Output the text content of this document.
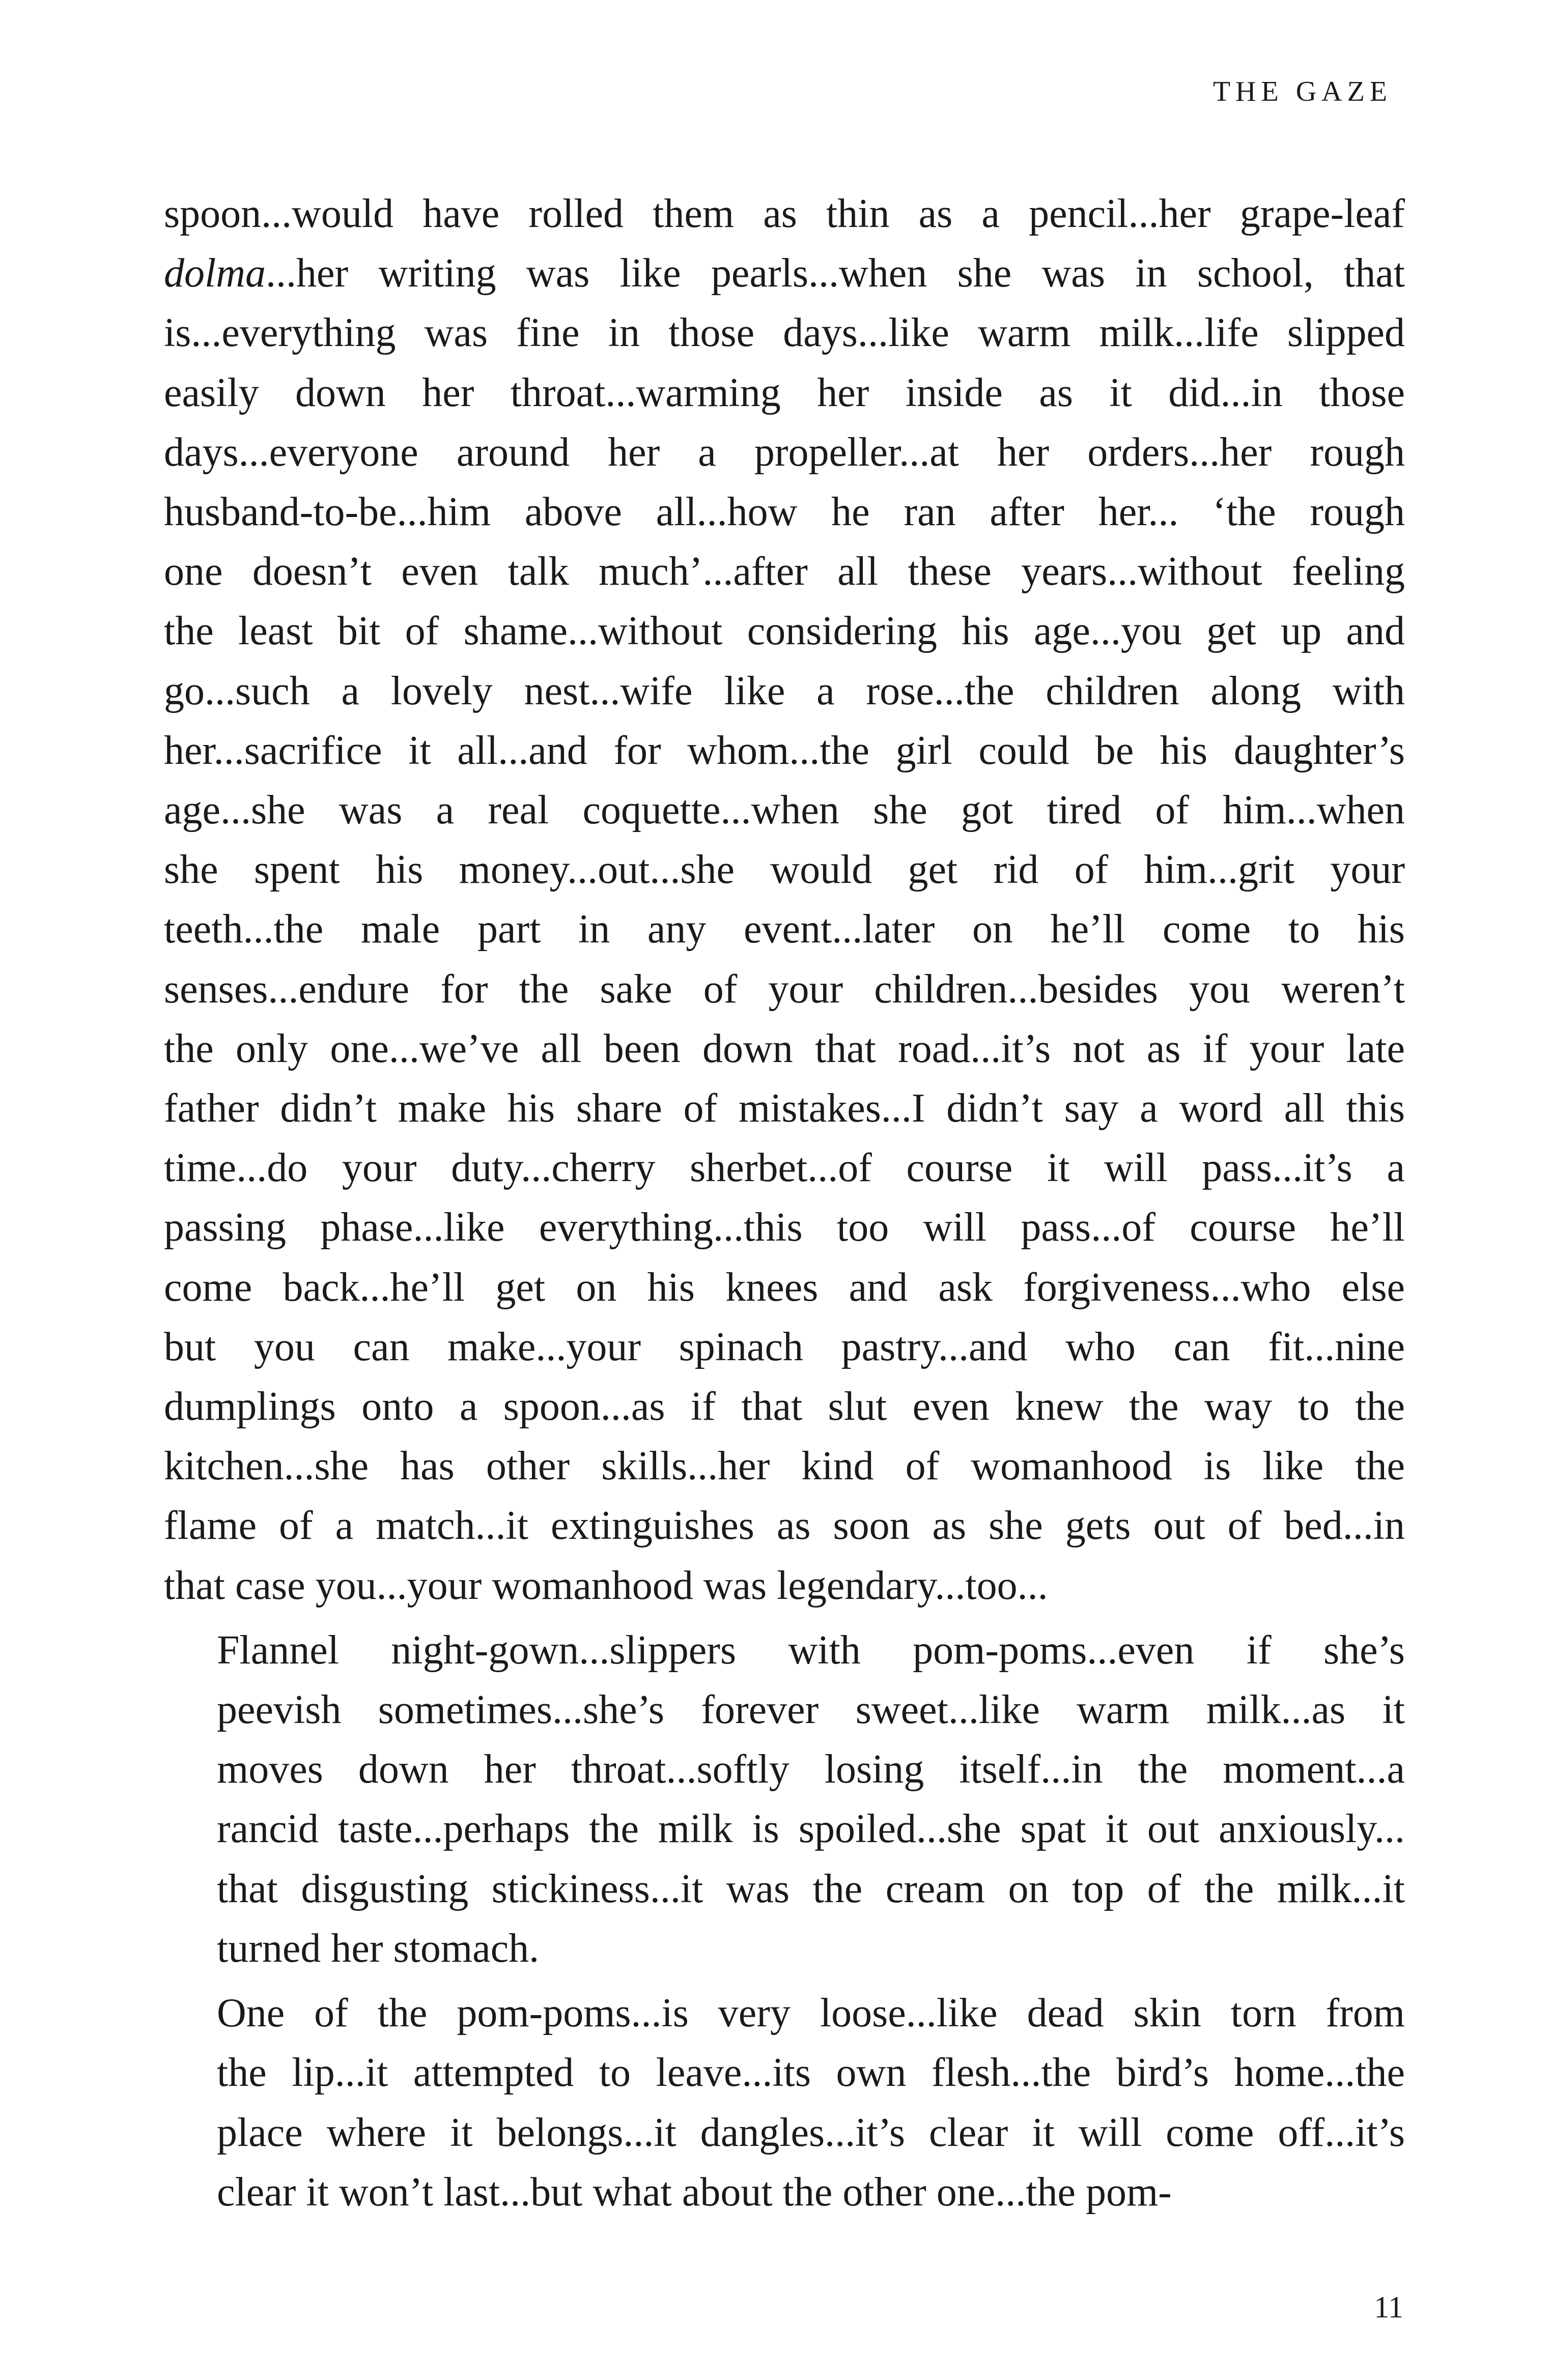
THE GAZE

spoon...would have rolled them as thin as a pencil...her grape-leaf
dolma...her writing was like pearls...when she was in school, that
is...everything was fine in those days...like warm milk...life slipped
easily down her throat...warming her inside as it did...in those
days...everyone around her a propeller...at her orders...her rough
husband-to-be...him above all...how he ran after her... ‘the rough
one doesn’t even talk much’...after all these years...without feeling
the least bit of shame...without considering his age...you get up and
go...such a lovely nest...wife like a rose...the children along with
her...sacrifice it all...and for whom...the girl could be his daughter’s
age...she was a real coquette...when she got tired of him...when
she spent his money...out...she would get rid of him...grit your
teeth...the male part in any event...later on he’ll come to his
senses...endure for the sake of your children...besides you weren’t
the only one...we’ve all been down that road...it’s not as if your late
father didn’t make his share of mistakes...I didn’t say a word all this
time...do your duty...cherry sherbet...of course it will pass...it’s a
passing phase...like everything...this too will pass...of course he’ll
come back...he’ll get on his knees and ask forgiveness...who else
but you can make...your spinach pastry...and who can fit...nine
dumplings onto a spoon...as if that slut even knew the way to the
kitchen...she has other skills...her kind of womanhood is like the
flame of a match...it extinguishes as soon as she gets out of bed...in
that case you...your womanhood was legendary...too...

Flannel night-gown...slippers with pom-poms...even if she’s
peevish sometimes...she’s forever sweet...like warm milk...as it
moves down her throat...softly losing itself...in the moment...a
rancid taste...perhaps the milk is spoiled...she spat it out anxiously...
that disgusting stickiness...it was the cream on top of the milk...it
turned her stomach.

One of the pom-poms...is very loose...like dead skin torn from
the lip...it attempted to leave...its own flesh...the bird’s home...the
place where it belongs...it dangles...it’s clear it will come off...it’s
clear it won’t last...but what about the other one...the pom-

11
